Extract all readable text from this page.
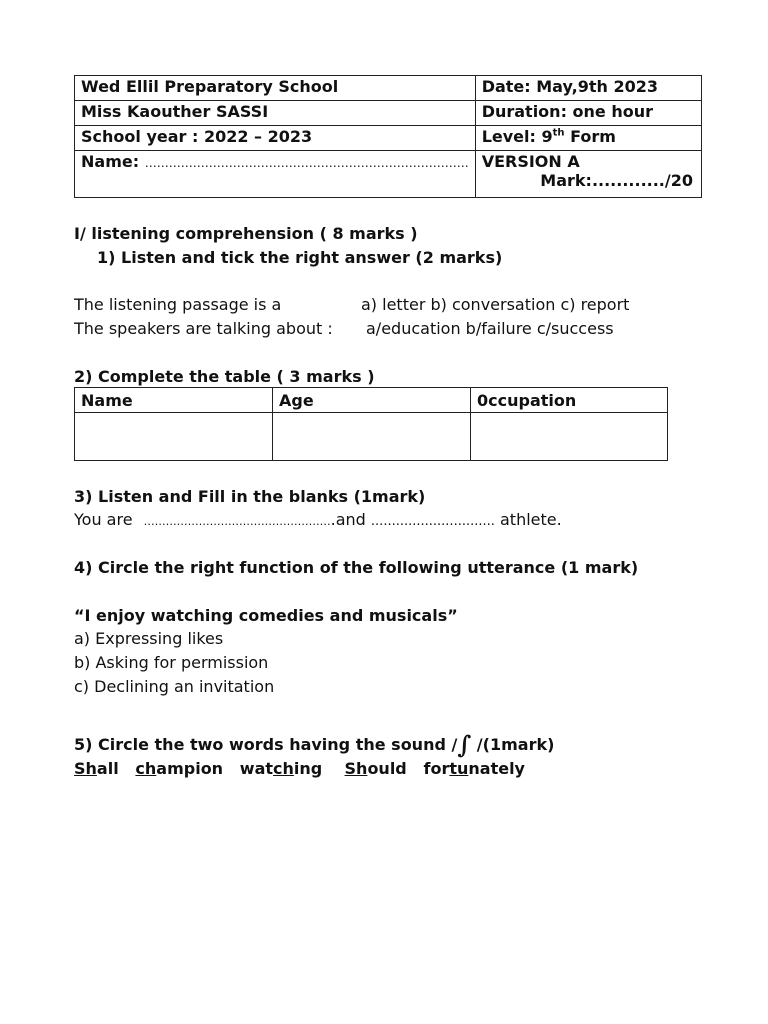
Wed Ellil Preparatory School	Date: May,9th 2023
Miss Kaouther SASSI	Duration: one hour
School year : 2022 – 2023	Level: 9th Form
Name: ………………………………………………………………………	VERSION A
Mark:............/20
I/ listening comprehension ( 8 marks )
1) Listen and tick the right answer (2 marks)
The listening passage is a	a) letter b) conversation c) report
The speakers are talking about : a/education b/failure c/success
2) Complete the table ( 3 marks )
Name	Age	0ccupation

3) Listen and Fill in the blanks (1mark)
You are …………………………………………….and .............................. athlete.
4) Circle the right function of the following utterance (1 mark)
“I enjoy watching comedies and musicals”
a) Expressing likes
b) Asking for permission
c) Declining an invitation
5) Circle the two words having the sound /∫ /(1mark)
Shall champion watching Should fortunately
